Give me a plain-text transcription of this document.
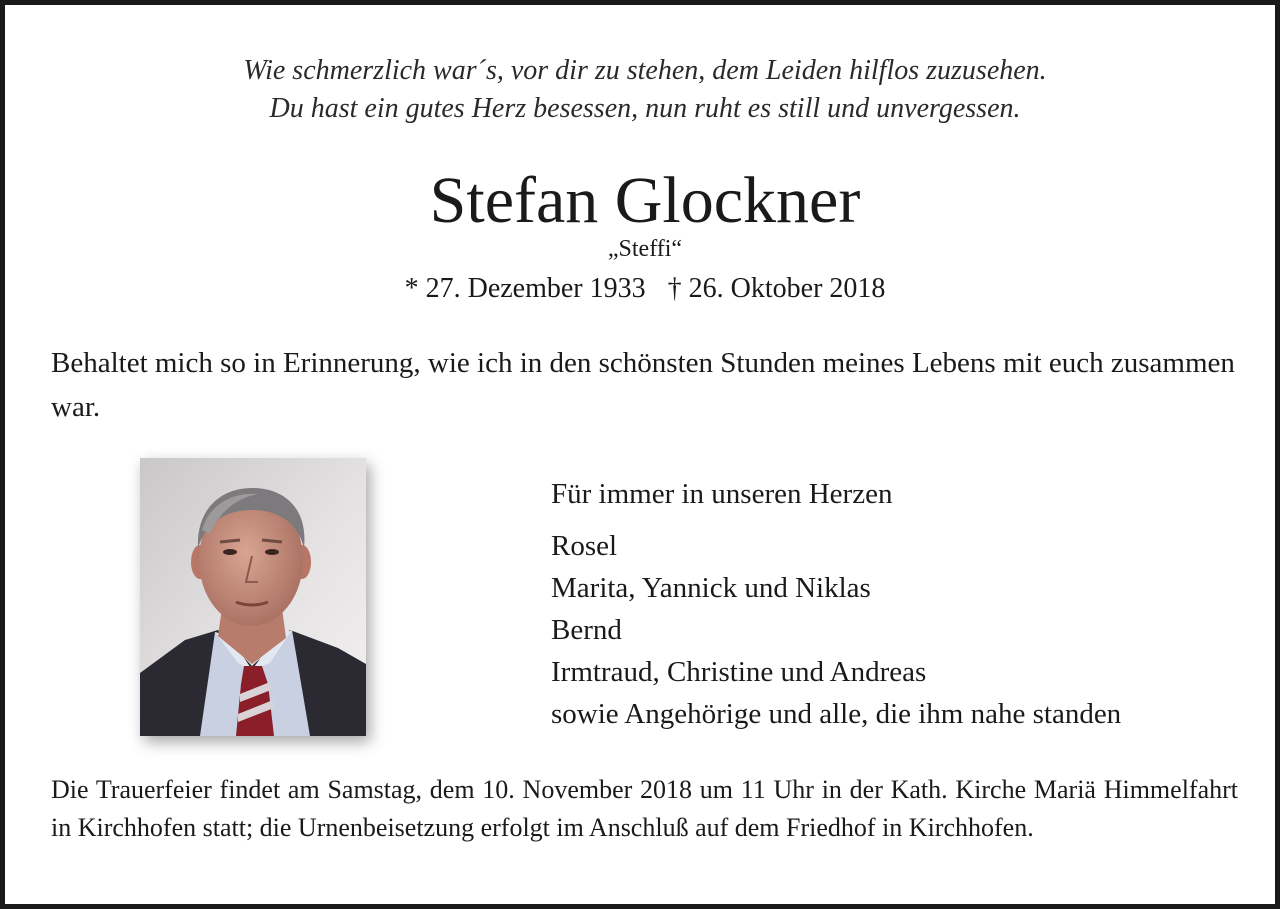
Wie schmerzlich war´s, vor dir zu stehen, dem Leiden hilflos zuzusehen.
Du hast ein gutes Herz besessen, nun ruht es still und unvergessen.
Stefan Glockner
„Steffi“
* 27. Dezember 1933 † 26. Oktober 2018
Behaltet mich so in Erinnerung, wie ich in den schönsten Stunden meines Lebens mit euch zusammen war.
Für immer in unseren Herzen
Rosel
Marita, Yannick und Niklas
Bernd
Irmtraud, Christine und Andreas
sowie Angehörige und alle, die ihm nahe standen
Die Trauerfeier findet am Samstag, dem 10. November 2018 um 11 Uhr in der Kath. Kirche Mariä Himmelfahrt in Kirchhofen statt; die Urnenbeisetzung erfolgt im Anschluß auf dem Friedhof in Kirchhofen.
